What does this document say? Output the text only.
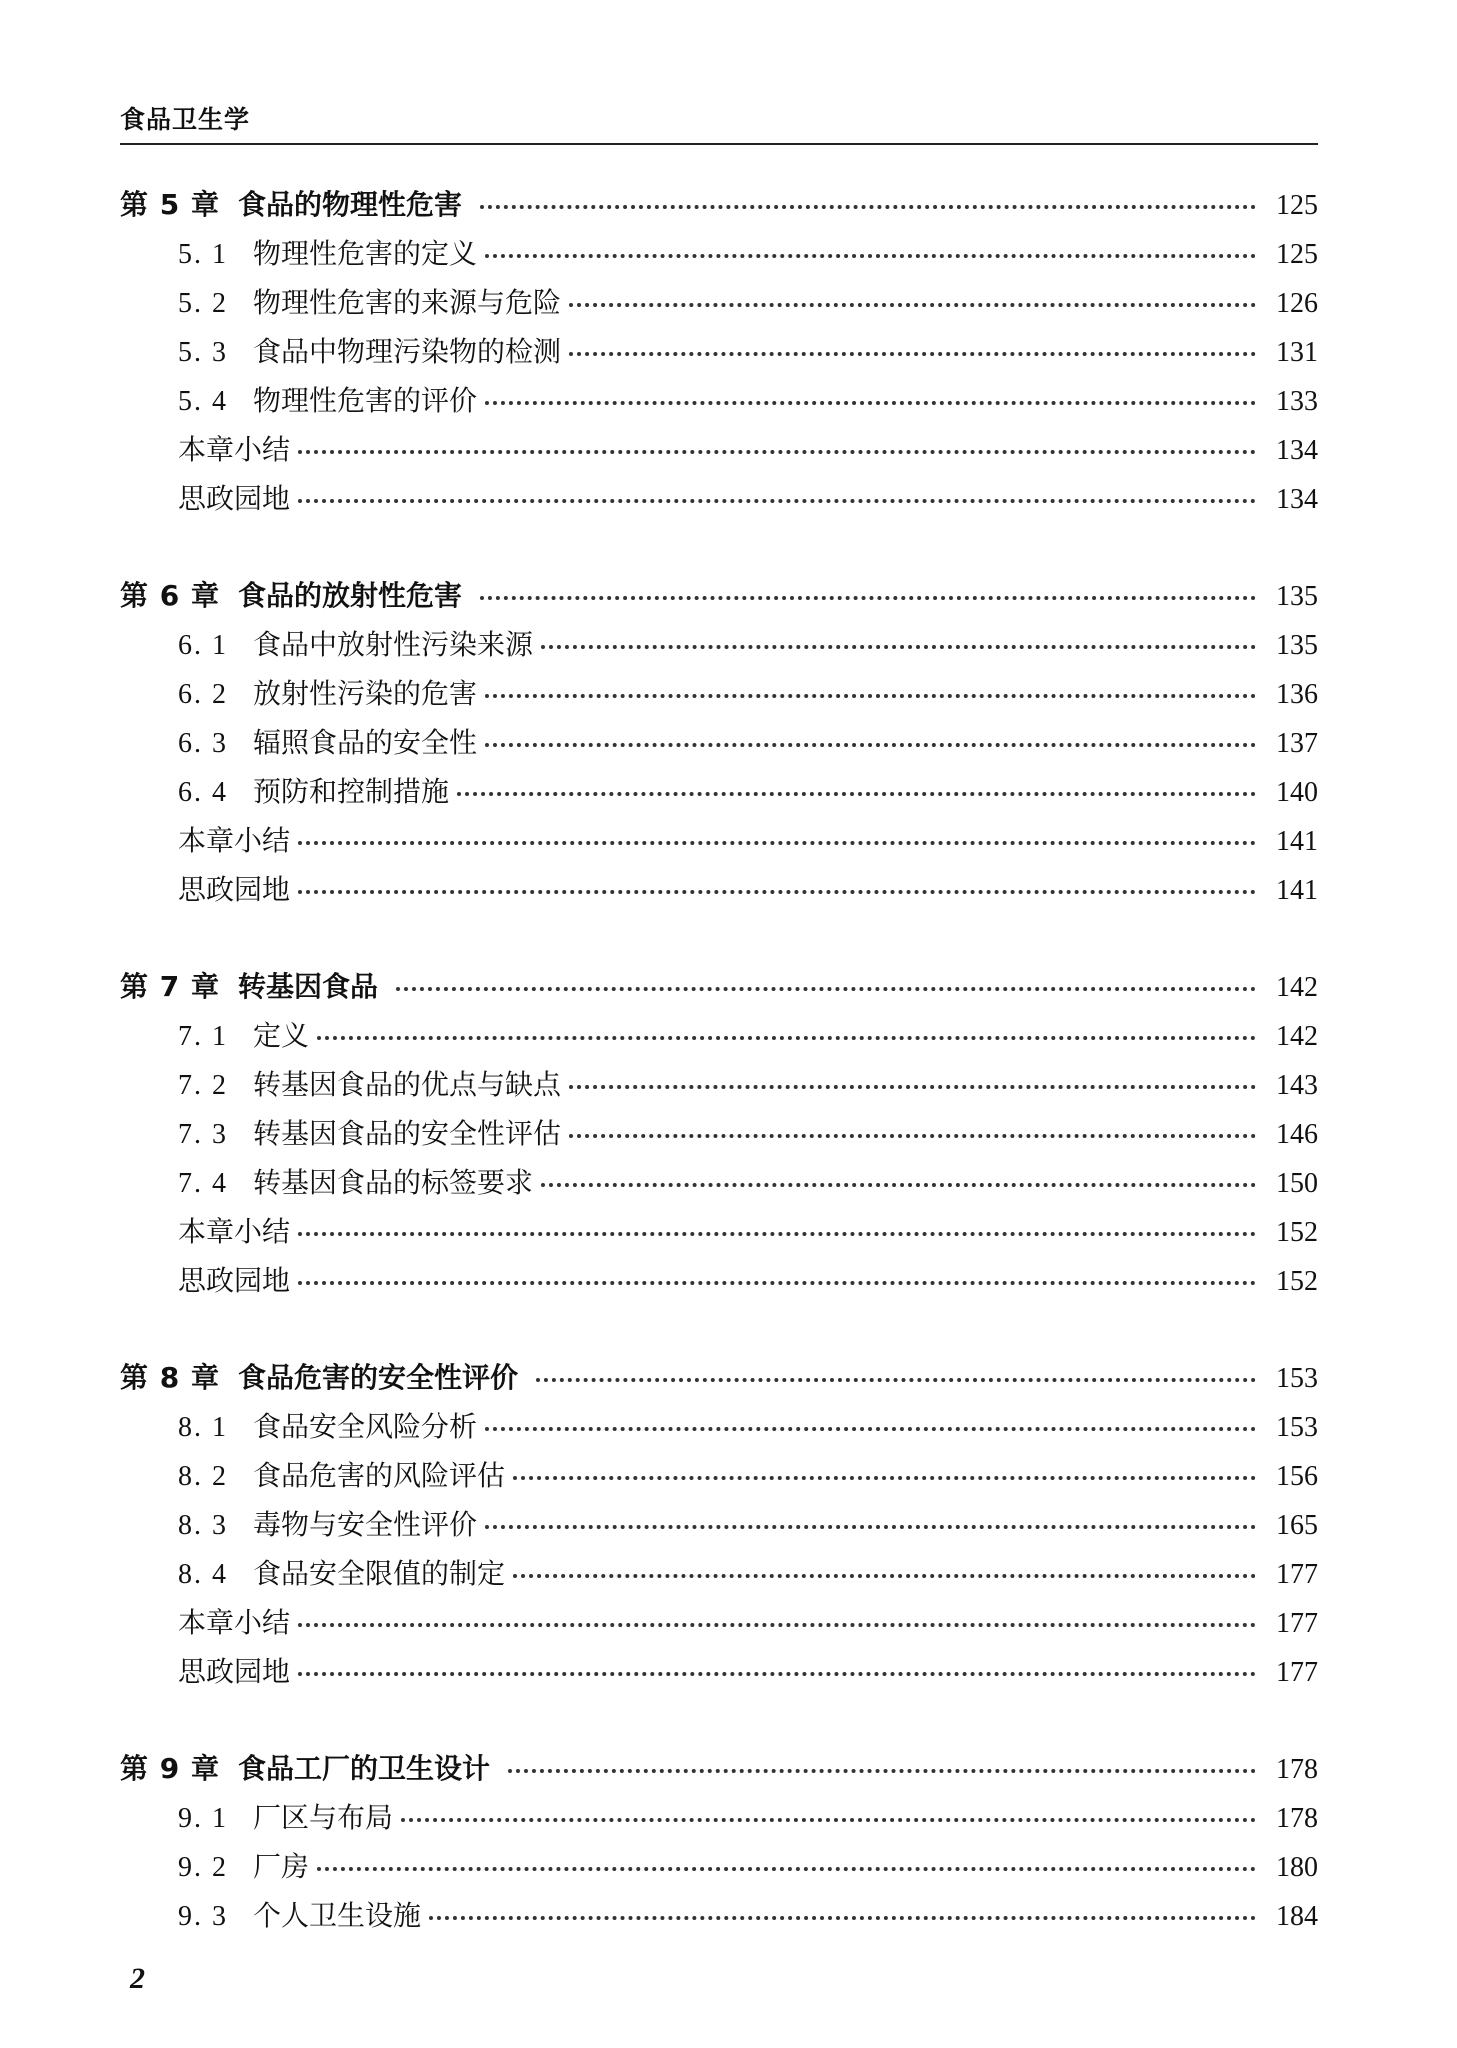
食品卫生学
第 5 章 食品的物理性危害	125
5. 1 物理性危害的定义	125
5. 2 物理性危害的来源与危险	126
5. 3 食品中物理污染物的检测	131
5. 4 物理性危害的评价	133
本章小结	134
思政园地	134
第 6 章 食品的放射性危害	135
6. 1 食品中放射性污染来源	135
6. 2 放射性污染的危害	136
6. 3 辐照食品的安全性	137
6. 4 预防和控制措施	140
本章小结	141
思政园地	141
第 7 章 转基因食品	142
7. 1 定义	142
7. 2 转基因食品的优点与缺点	143
7. 3 转基因食品的安全性评估	146
7. 4 转基因食品的标签要求	150
本章小结	152
思政园地	152
第 8 章 食品危害的安全性评价	153
8. 1 食品安全风险分析	153
8. 2 食品危害的风险评估	156
8. 3 毒物与安全性评价	165
8. 4 食品安全限值的制定	177
本章小结	177
思政园地	177
第 9 章 食品工厂的卫生设计	178
9. 1 厂区与布局	178
9. 2 厂房	180
9. 3 个人卫生设施	184
2
